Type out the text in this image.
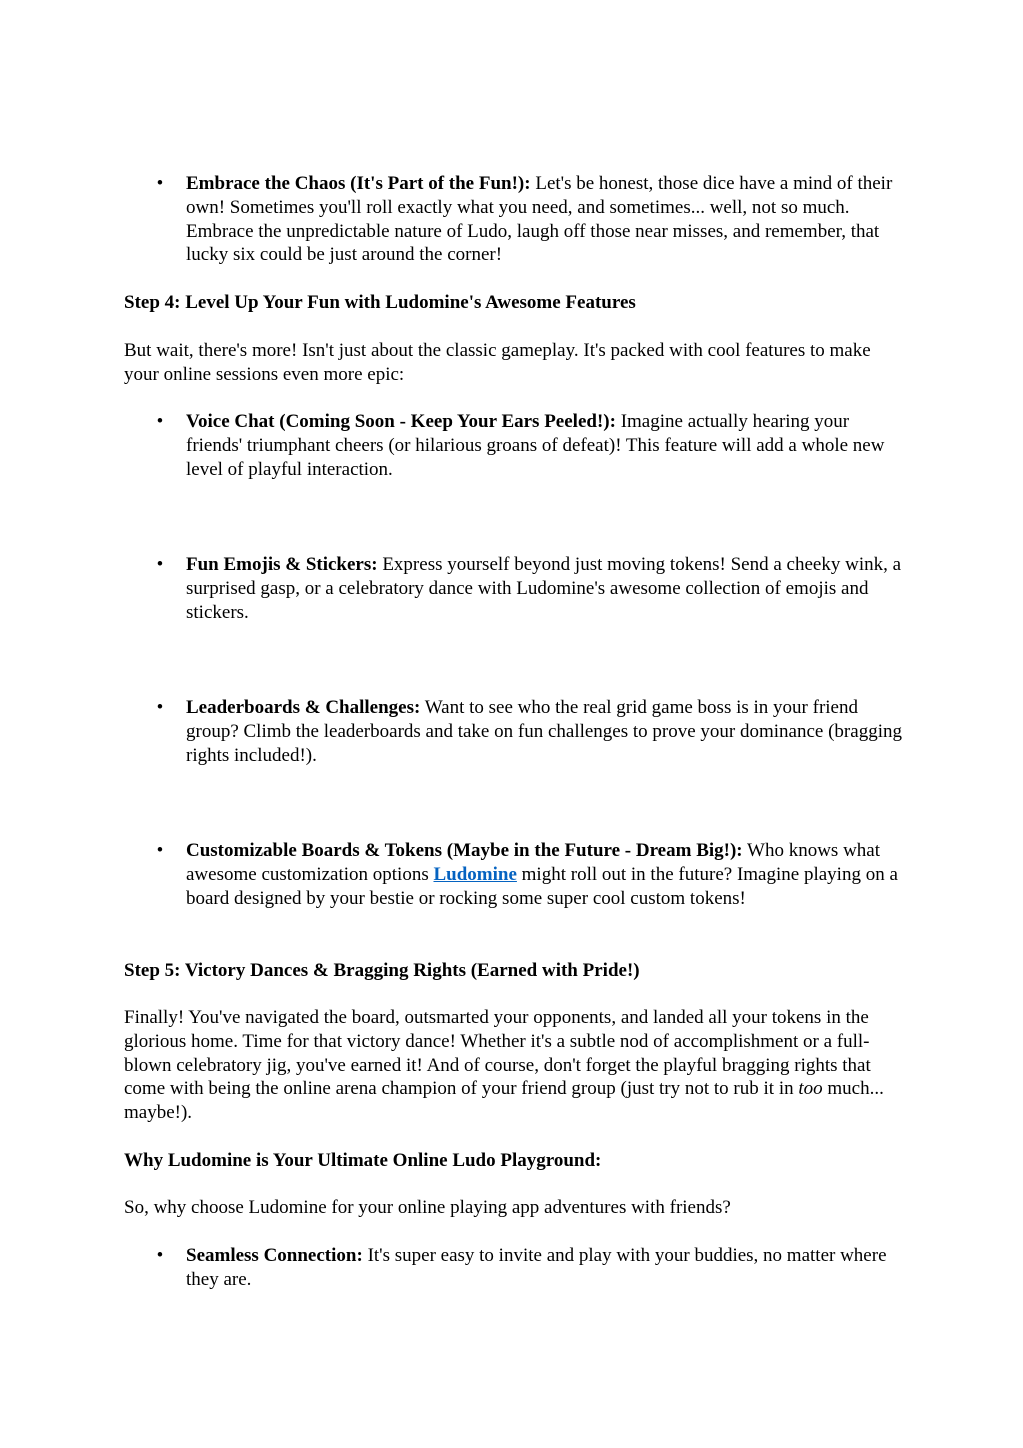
• Embrace the Chaos (It's Part of the Fun!): Let's be honest, those dice have a mind of their own! Sometimes you'll roll exactly what you need, and sometimes... well, not so much. Embrace the unpredictable nature of Ludo, laugh off those near misses, and remember, that lucky six could be just around the corner!

Step 4: Level Up Your Fun with Ludomine's Awesome Features

But wait, there's more! Isn't just about the classic gameplay. It's packed with cool features to make your online sessions even more epic:

• Voice Chat (Coming Soon - Keep Your Ears Peeled!): Imagine actually hearing your friends' triumphant cheers (or hilarious groans of defeat)! This feature will add a whole new level of playful interaction.
• Fun Emojis & Stickers: Express yourself beyond just moving tokens! Send a cheeky wink, a surprised gasp, or a celebratory dance with Ludomine's awesome collection of emojis and stickers.
• Leaderboards & Challenges: Want to see who the real grid game boss is in your friend group? Climb the leaderboards and take on fun challenges to prove your dominance (bragging rights included!).
• Customizable Boards & Tokens (Maybe in the Future - Dream Big!): Who knows what awesome customization options Ludomine might roll out in the future? Imagine playing on a board designed by your bestie or rocking some super cool custom tokens!

Step 5: Victory Dances & Bragging Rights (Earned with Pride!)

Finally! You've navigated the board, outsmarted your opponents, and landed all your tokens in the glorious home. Time for that victory dance! Whether it's a subtle nod of accomplishment or a full-blown celebratory jig, you've earned it! And of course, don't forget the playful bragging rights that come with being the online arena champion of your friend group (just try not to rub it in too much... maybe!).

Why Ludomine is Your Ultimate Online Ludo Playground:

So, why choose Ludomine for your online playing app adventures with friends?

• Seamless Connection: It's super easy to invite and play with your buddies, no matter where they are.
